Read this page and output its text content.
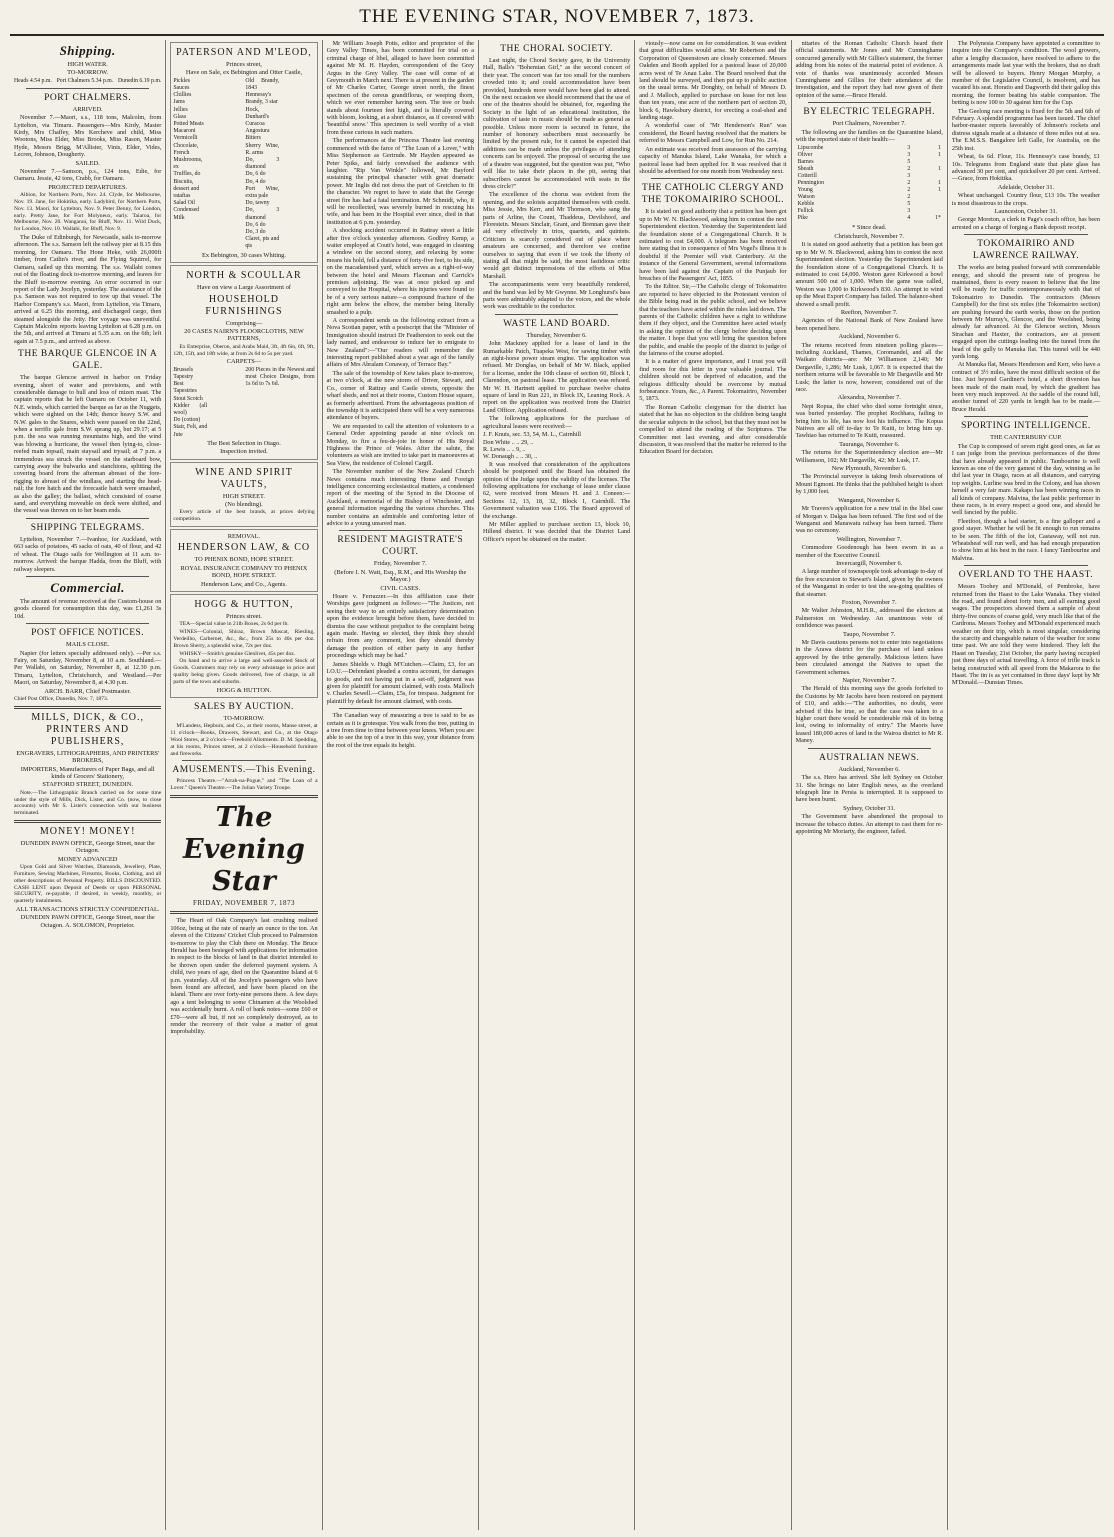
THE EVENING STAR, NOVEMBER 7, 1873.
Shipping.
HIGH WATER.
TO-MORROW.
Heads 4.54 p.m. Port Chalmers 5.34 p.m. Dunedin 6.19 p.m.
PORT CHALMERS.
ARRIVED.

November 7.—Maori, s.s., 118 tons, Malcolm, from Lyttelton, via Timaru. Passengers—Mrs Kirdy, Master Kirdy, Mrs Chaffey, Mrs Kercheve and child, Miss Wootons, Miss Elder, Miss Brooks, Miss Rason, Master Hyde, Messrs Brigg, M'Allister, Vinis, Elder, Vides, Lecren, Johnson, Dougherty.

SAILED.

November 7.—Samson, p.s., 124 tons, Edie, for Oamaru. Jessie, 42 tons, Crabb, for Oamaru.

PROJECTED DEPARTURES.

Albion, for Northern Ports, Nov. 24. Clyde, for Melbourne, Nov. 19. Jane, for Hokitika, early. Ladybird, for Northern Ports, Nov. 13. Maori, for Lyttelton, Nov. 9. Peter Denny, for London, early. Pretty Jane, for Fort Molyneux, early. Taiaroa, for Melbourne, Nov. 20. Wanganui, for Bluff, Nov. 11. Wild Duck, for London, Nov. 10. Wallabi, for Bluff, Nov. 9.

The Duke of Edinburgh, for Newcastle, sails to-morrow afternoon. The s.s. Samson left the railway pier at 8.15 this morning, for Oamaru. The Hone Heke, with 26,000ft timber, from Catlin's river, and the Flying Squirrel, for Oamaru, sailed up this morning. The s.s. Wallabi comes out of the floating dock to-morrow morning, and leaves for the Bluff to-morrow evening. An error occurred in our report of the Lady Jocelyn, yesterday. The assistance of the p.s. Samson was not required to tow up that vessel. The Harbor Company's s.s. Maori, from Lyttelton, via Timaru, arrived at 6.25 this morning, and discharged cargo, then steamed alongside the Jetty. Her voyage was uneventful. Captain Malcolm reports leaving Lyttelton at 6.28 p.m. on the 5th, and arrived at Timaru at 5.35 a.m. on the 6th; left again at 7.5 p.m., and arrived as above.

THE BARQUE GLENCOE IN A GALE.

The barque Glencoe arrived in harbor on Friday evening, short of water and provisions, and with considerable damage to hull and loss of mizen mast. The captain reports that he left Oamaru on October 11, with N.E. winds, which carried the barque as far as the Nuggets, which were sighted on the 14th; thence heavy S.W. and N.W. gales to the Snares, which were passed on the 22nd, when a terrific gale from S.W. sprang up, but 29.17; at 5 p.m. the sea was running mountains high, and the wind was blowing a hurricane, the vessel then lying-to, close-reefed main topsail, main staysail and trysail; at 7 p.m. a tremendous sea struck the vessel on the starboard bow, carrying away the bulwarks and stanchions, splitting the covering board from the afterman abreast of the fore-rigging to abreast of the windlass, and starting the head-rail; the fore hatch and the forecastle hatch were smashed, as also the galley; the ballast, which consisted of coarse sand, and everything moveable on deck were shifted, and the vessel was thrown on to her beam ends.

SHIPPING TELEGRAMS.

Lyttelton, November 7.—Ivanhoe, for Auckland, with 663 sacks of potatoes, 45 sacks of oats, 40 of flour, and 42 of wheat. The Otago sails for Wellington at 11 a.m. to-morrow. Arrived: the barque Hadda, from the Bluff, with railway sleepers.

Commercial.

The amount of revenue received at the Custom-house on goods cleared for consumption this day, was £1,261 3s 10d.

POST OFFICE NOTICES.
MAILS CLOSE.

Napier (for letters specially addressed only). —Per s.s. Fairy, on Saturday, November 8, at 10 a.m. Southland.—Per Wallabi, on Saturday, November 8, at 12.30 p.m. Timaru, Lyttelton, Christchurch, and Westland.—Per Maori, on Saturday, November 8, at 4.30 p.m.

ARCH. BARR, Chief Postmaster.

Chief Post Office, Dunedin, Nov. 7, 1873.

MILLS, DICK, & CO., PRINTERS AND PUBLISHERS,
ENGRAVERS, LITHOGRAPHERS, AND PRINTERS' BROKERS,
IMPORTERS, Manufacturers of Paper Bags, and all kinds of Grocers' Stationery,
STAFFORD STREET, DUNEDIN.

Note.—The Lithographic Branch carried on for some time under the style of Mills, Dick, Lister, and Co. (now, to close accounts) with Mr S. Lister's connection with our business terminated.

MONEY! MONEY!
DUNEDIN PAWN OFFICE, George Street, near the Octagon.
MONEY ADVANCED

Upon Gold and Silver Watches, Diamonds, Jewellery, Plate, Furniture, Sewing Machines, Firearms, Books, Clothing, and all other descriptions of Personal Property. BILLS DISCOUNTED. CASH LENT upon Deposit of Deeds or upon PERSONAL SECURITY, re-payable, if desired, in weekly, monthly, or quarterly instalments.

ALL TRANSACTIONS STRICTLY CONFIDENTIAL.
DUNEDIN PAWN OFFICE, George Street, near the Octagon. A. SOLOMON, Proprietor.
PATERSON AND M'LEOD,
Princes street,
Have on Sale, ex Bebington and Otter Castle,
Pickles
Sauces
Chillies
Jams
Jellies
Glass
Potted Meats
Macaroni
Vermicelli
Chocolate, French
Mushrooms, ex
Truffles, do
Biscuits, dessert and
ratafias
Salad Oil
Condensed Milk
Old Brandy, 1843
Hennessy's Brandy, 3 star
Hock, Dunhard's
Curacoa
Angostura Bitters
Sherry Wine, R. arms
Do, 3 diamond
Do, 6 do
Do, 4 do
Port Wine, extra pale
Do, tawny
Do, 3 diamond
Do, 6 do
Do, 3 do
Claret, pts and qts
Ex Bebington, 30 cases Whiting.
NORTH & SCOULLAR
Have on view a Large Assortment of
HOUSEHOLD FURNISHINGS
Comprising—
20 CASES NAIRN'S FLOORCLOTHS, NEW PATTERNS,

Ex Enterprise, Oberon, and Arabs Maid, 3ft, 4ft 6in, 6ft, 9ft, 12ft, 15ft, and 18ft wide, at from 2s 6d to 5s per yard.

CARPETS—
Brussels
Tapestry
Best Tapestries
Stout Scotch
Kidder (all wool)
Do (cotton)
Stair, Felt, and Jute
200 Pieces in the Newest and most Choice Designs, from 1s 6d to 7s 6d.
The Best Selection in Otago.
Inspection invited.
WINE AND SPIRIT VAULTS,
HIGH STREET.
(No blending).

Every article of the best brands, at prices defying competition.

REMOVAL.
HENDERSON LAW, & CO
TO PHENIX BOND, HOPE STREET.
ROYAL INSURANCE COMPANY TO PHENIX BOND, HOPE STREET.
Henderson Law, and Co., Agents.
HOGG & HUTTON,
Princes street.

TEA—Special value in 21lb Boxes, 2s 6d per lb.

WINES—Colonial, Shiraz, Brown Muscat, Riesling, Verdeilho, Carbernet, &c., &c., from 25s to 40s per doz. Brown Sherry, a splendid wine, 72s per doz.

WHISKY—Smith's genuine Glenlivet, 45s per doz.

On hand and to arrive a large and well-assorted Stock of Goods. Customers may rely on every advantage in price and quality being given. Goods delivered, free of charge, in all parts of the town and suburbs.

HOGG & HUTTON.
SALES BY AUCTION.
TO-MORROW.

M'Landess, Hepburn, and Co., at their rooms, Manse street, at 11 o'clock—Books, Drawers, Stewart, and Co., at the Otago Wool Stores, at 2 o'clock—Freehold Allotments. D. M. Spedding, at his rooms, Princes street, at 2 o'clock—Household furniture and fireworks.

AMUSEMENTS.—This Evening.

Princess Theatre.—"Arrah-na-Pogue," and "The Loan of a Lover." Queen's Theatre.—The Julian Variety Troupe.

The Evening Star
FRIDAY, NOVEMBER 7, 1873

The Heart of Oak Company's last crushing realised 106oz, being at the rate of nearly an ounce to the ton. An eleven of the Citizens' Cricket Club proceed to Palmerston to-morrow to play the Club there on Monday. The Bruce Herald has been besieged with applications for information in respect to the blocks of land in that district intended to be thrown open under the deferred payment system. A child, two years of age, died on the Quarantine Island at 6 p.m. yesterday. All of the Jocelyn's passengers who have been found are affected, and have been placed on the island. There are over forty-nine persons there. A few days ago a tent belonging to some Chinamen at the Woolshed was accidentally burnt. A roll of bank notes—some £60 or £70—were all but, if not so completely destroyed, as to render the recovery of their value a matter of great improbability.

Mr William Joseph Potts, editor and proprietor of the Grey Valley Times, has been committed for trial on a criminal charge of libel, alleged to have been committed against Mr M. H. Hayden, correspondent of the Grey Argus in the Grey Valley. The case will come of at Greymouth in March next. There is at present in the garden of Mr Charles Carter, George street north, the finest specimen of the cereus grandiflorus, or weeping thorn, which we ever remember having seen. The tree or bush stands about fourteen feet high, and is literally covered with bloom, looking, at a short distance, as if covered with 'beautiful snow.' This specimen is well worthy of a visit from those curious in such matters.

The performances at the Princess Theatre last evening commenced with the farce of "The Loan of a Lover," with Miss Stephenson as Gertrude. Mr Hayden appeared as Peter Spiks, and fairly convulsed the audience with laughter. "Rip Van Winkle" followed, Mr Bayford sustaining the principal character with great dramatic power. Mr Inglis did not dress the part of Gretchen to fit the character. We regret to have to state that the George street fire has had a fatal termination. Mr Schmidt, who, it will be recollected, was severely burned in rescuing his wife, and has been in the Hospital ever since, died in that institution at 6 p.m. yesterday.

A shocking accident occurred in Rattray street a little after five o'clock yesterday afternoon. Godfrey Kemp, a waiter employed at Coutt's hotel, was engaged in cleaning a window on the second storey, and relaxing by some means his hold, fell a distance of forty-five feet, to his side, on the macadamised yard, which serves as a right-of-way between the hotel and Messrs Flaxman and Carrick's premises adjoining. He was at once picked up and conveyed to the Hospital, where his injuries were found to be of a very serious nature—a compound fracture of the right arm below the elbow, the member being literally smashed to a pulp.

A correspondent sends us the following extract from a Nova Scotian paper, with a postscript that the "Minister of Immigration should instruct Dr Featherston to seek out the lady named, and endeavour to induce her to emigrate to New Zealand":—"Our readers will remember the interesting report published about a year ago of the family affairs of Mrs Abralam Conaway, of Terrace Bay."

The sale of the township of Kew takes place to-morrow, at two o'clock, at the new stores of Driver, Stewart, and Co., corner of Rattray and Castle streets, opposite the wharf sheds, and not at their rooms, Custom House square, as formerly advertised. From the advantageous position of the township it is anticipated there will be a very numerous attendance of buyers.

We are requested to call the attention of volunteers to a General Order appointing parade at nine o'clock on Monday, to fire a feu-de-joie in honor of His Royal Highness the Prince of Wales. After the salute, the volunteers as wish are invited to take part in manoeuvres at Sea View, the residence of Colonel Cargill.

The November number of the New Zealand Church News contains much interesting Home and Foreign intelligence concerning ecclesiastical matters, a condensed report of the meeting of the Synod in the Diocese of Auckland, a memorial of the Bishop of Winchester, and general information regarding the various churches. This number contains an admirable and comforting letter of advice to a young unsaved man.

RESIDENT MAGISTRATE'S COURT.
Friday, November 7.
(Before I. N. Watt, Esq., R.M., and His Worship the Mayor.)
CIVIL CASES.

Hoare v. Ferrazzer.—In this affiliation case their Worships gave judgment as follows:—"The Justices, not seeing their way to an entirely satisfactory determination upon the evidence brought before them, have decided to dismiss the case without prejudice to the complaint being again made. Having so elected, they think they should refrain from any comment, lest they should thereby damage the position of either party in any further proceedings which may be had."

James Shields v. Hugh M'Cutchen.—Claim, £3, for an I.O.U.—Defendant pleaded a contra account, for damages to goods, and not having put in a set-off, judgment was given for plaintiff for amount claimed, with costs. Malloch v. Charles Sewell.—Claim, £5s, for trespass. Judgment for plaintiff by default for amount claimed, with costs.

The Canadian way of measuring a tree is said to be as certain as it is grotesque. You walk from the tree, putting in a tree from time to time between your knees. When you are able to see the top of a tree in this way, your distance from the root of the tree equals its height.

THE CHORAL SOCIETY.

Last night, the Choral Society gave, in the University Hall, Balls's "Bohemian Girl," as the second concert of their year. The concert was far too small for the numbers crowded into it; and could accommodation have been provided, hundreds more would have been glad to attend. On the next occasion we should recommend that the use of one of the theatres should be obtained, for, regarding the Society in the light of an educational institution, the cultivation of taste in music should be made as general as possible. Unless more room is secured in future, the number of honorary subscribers must necessarily be limited by the present rule, for it cannot be expected that additions can be made unless the privileges of attending concerts can be enjoyed. The proposal of securing the use of a theatre was suggested, but the question was put, "Who will like to take their places in the pit, seeing that subscribers cannot be accommodated with seats in the dress circle?"

The excellence of the chorus was evident from the opening, and the soloists acquitted themselves with credit. Miss Jessie, Mrs Kerr, and Mr Thomson, who sang the parts of Arline, the Count, Thaddeus, Devilshoof, and Florestein. Messrs Sinclair, Grant, and Brennan gave their aid very effectively in trios, quartets, and quintets. Criticism is scarcely considered out of place where amateurs are concerned, and therefore we confine ourselves to saying that even if we took the liberty of stating all that might be said, the most fastidious critic would get distinct impressions of the efforts of Miss Marshall.

The accompaniments were very beautifully rendered, and the band was led by Mr Gwynne. Mr Longhurst's bass parts were admirably adapted to the voices, and the whole work was creditable to the conductor.

WASTE LAND BOARD.
Thursday, November 6.

John Mackney applied for a lease of land in the Rumarkable Patch, Tuapeka West, for sawing timber with an eight-horse power steam engine. The application was refused. Mr Donglas, on behalf of Mr W. Black, applied for a license, under the 10th clause of section 60, Block I, Clarendon, on pastoral lease. The application was refused. Mr W. H. Hartnett applied to purchase twelve chains square of land in Run 221, in Block IX, Leaning Rock. A report on the application was received from the District Land Officer. Application refused.

The following applications for the purchase of agricultural leases were received:—

J. F. Knuts, sec. 53, 54, M. L., Cairnhill
Don White .. .. 29, ..
R. Lewis .. .. 9, ..
W. Donaugh .. .. 30, ..

It was resolved that consideration of the applications should be postponed until the Board has obtained the opinion of the Judge upon the validity of the licenses. The following applications for exchange of lease under clause 62, were received from Messrs H. and J. Coneen:—Sections 12, 13, 18, 32, Block I, Cairnhill. The Government valuation was £166. The Board approved of the exchange.

Mr Miller applied to purchase section 13, block 10, Hillend district. It was decided that the District Land Officer's report be obtained on the matter.

viously—now came on for consideration. It was evident that great difficulties would arise. Mr Robertson and the Corporation of Queenstown are closely concerned. Messrs Oakden and Booth applied for a pastoral lease of 20,000 acres west of Te Anau Lake. The Board resolved that the land should be surveyed, and then put up to public auction on the usual terms. Mr Donghty, on behalf of Messrs D. and J. Malloch, applied to purchase on lease for not less than ten years, one acre of the northern part of section 20, block 6, Hawksbury district, for erecting a coal-shed and landing stage.

A wonderful case of "Mr Henderson's Run" was considered, the Board having resolved that the matters be referred to Messrs Campbell and Low, for Run No. 214.

An estimate was received from assessors of the carrying capacity of Manuka Island, Lake Wanaka, for which a pastoral lease had been applied for. It was resolved that it should be advertised for one month from Wednesday next.

THE CATHOLIC CLERGY AND THE TOKOMAIRIRO SCHOOL.

It is stated on good authority that a petition has been got up to Mr W. N. Blackwood, asking him to contest the next Superintendent election. Yesterday the Superintendent laid the foundation stone of a Congregational Church. It is estimated to cost £4,000. A telegram has been received here stating that in consequence of Mrs Vogel's illness it is doubtful if the Premier will visit Canterbury. At the instance of the General Government, several informations have been laid against the Captain of the Punjaub for breaches of the Passengers' Act, 1855.

To the Editor. Sir,—The Catholic clergy of Tokomairiro are reported to have objected to the Protestant version of the Bible being read in the public school, and we believe that the teachers have acted within the rules laid down. The parents of the Catholic children have a right to withdraw them if they object, and the Committee have acted wisely in asking the opinion of the clergy before deciding upon the matter. I hope that you will bring the question before the public, and enable the people of the district to judge of the fairness of the course adopted.

It is a matter of grave importance, and I trust you will find room for this letter in your valuable journal. The children should not be deprived of education, and the religious difficulty should be overcome by mutual forbearance. Yours, &c., A Parent. Tokomairiro, November 5, 1873.

The Roman Catholic clergyman for the district has stated that he has no objection to the children being taught the secular subjects in the school, but that they must not be compelled to attend the reading of the Scriptures. The Committee met last evening, and after considerable discussion, it was resolved that the matter be referred to the Education Board for decision.

nitaries of the Roman Catholic Church heard their official statements. Mr Jones and Mr Cunninghame concurred generally with Mr Gillies's statement, the former adding from his notes of the material point of evidence. A vote of thanks was unanimously accorded Messrs Cunninghame and Gillies for their attendance at the investigation, and the report they had now given of their opinion of the same.—Bruce Herald.

BY ELECTRIC TELEGRAPH.
Port Chalmers, November 7.

The following are the families on the Quarantine Island, with the reported state of their health:—

Lipscombe	3	1
Oliver	3	1
Barnes	5	
Sheath	2	1
Cotterill	3	
Pennington	2	1
Young	2	1
Watson	2	
Kebble	5	
Fellick	3	
Pike	4	1*
* Since dead.
Christchurch, November 7.

It is stated on good authority that a petition has been got up to Mr W. N. Blackwood, asking him to contest the next Superintendent election. Yesterday the Superintendent laid the foundation stone of a Congregational Church. It is estimated to cost £4,000. Weston gave Kirkwood a bowl amount 500 out of 1,000. When the game was called, Weston was 1,000 to Kirkwood's 830. An attempt to wind up the Meat Export Company has failed. The balance-sheet showed a small profit.

Reefton, November 7.

Agencies of the National Bank of New Zealand have been opened here.

Auckland, November 6.

The returns received from nineteen polling places—including Auckland, Thames, Coromandel, and all the Waikato districts—are: Mr Williamson 2,140; Mr Dargaville, 1,286; Mr Lusk, 1,067. It is expected that the northern returns will be favorable to Mr Dargaville and Mr Lusk; the latter is now, however, considered out of the race.

Alexandra, November 7.

Nepi Ropua, the chief who died some fortnight since, was buried yesterday. The prophet Rochhara, failing to bring him to life, has now lost his influence. The Kopua Natives are all off to-day to Te Kuiti, to bring him up. Tawhiao has returned to Te Kuiti, reassured.

Tauranga, November 6.

The returns for the Superintendency election are—Mr Williamson, 102; Mr Dargaville, 42; Mr Lusk, 17.

New Plymouth, November 6.

The Provincial surveyor is taking fresh observations of Mount Egmont. He thinks that the published height is short by 1,000 feet.

Wanganui, November 6.

Mr Travers's application for a new trial in the libel case of Morgan v. Dalgas has been refused. The first sod of the Wanganui and Manawatu railway has been turned. There was no ceremony.

Wellington, November 7.

Commodore Goodenough has been sworn in as a member of the Executive Council.

Invercargill, November 6.

A large number of townspeople took advantage to-day of the free excursion to Stewart's Island, given by the owners of the Wanganui in order to test the sea-going qualities of that steamer.

Foxton, November 7.

Mr Walter Johnston, M.H.R., addressed the electors at Palmerston on Wednesday. An unanimous vote of confidence was passed.

Taupo, November 7.

Mr Davis cautions persons not to enter into negotiations in the Arawa district for the purchase of land unless approved by the tribe generally. Malicious letters have been circulated amongst the Natives to upset the Government schemes.

Napier, November 7.

The Herald of this morning says the goods forfeited to the Customs by Mr Jacobs have been restored on payment of £10, and adds:—"The authorities, no doubt, were advised if this be true, so that the case was taken to a higher court there would be considerable risk of its being lost, owing to informality of entry." The Maoris have leased 180,000 acres of land in the Wairoa district to Mr R. Maney.

AUSTRALIAN NEWS.
Auckland, November 6.

The s.s. Hero has arrived. She left Sydney on October 31. She brings no later English news, as the overland telegraph line in Persia is interrupted. It is supposed to have been burnt.

Sydney, October 31.

The Government have abandoned the proposal to increase the tobacco duties. An attempt to cast them for re-appointing Mr Moriarty, the engineer, failed.

The Polynesia Company have appointed a committee to inquire into the Company's condition. The wool growers, after a lengthy discussion, have resolved to adhere to the arrangements made last year with the brokers, that no draft will be allowed to buyers. Henry Morgan Murphy, a member of the Legislative Council, is insolvent, and has vacated his seat. Horatio and Dagworth did their gallop this morning, the former beating his stable companion. The betting is now 100 to 30 against him for the Cup.

The Geelong race meeting is fixed for the 5th and 6th of February. A splendid programme has been issued. The chief harbor-master reports favorably of Johnson's rockets and distress signals made at a distance of three miles out at sea. The E.M.S.S. Bangalore left Galle, for Australia, on the 25th inst.

Wheat, 6s 6d. Flour, 11s. Hennessy's case brandy, £1 10s. Telegrams from England state that plate glass has advanced 30 per cent, and quicksilver 20 per cent. Arrived.—Grace, from Hokitika.

Adelaide, October 31.

Wheat unchanged. Country flour, £13 10s. The weather is most disastrous to the crops.

Launceston, October 31.

George Moreton, a clerk in Page's coach office, has been arrested on a charge of forging a Bank deposit receipt.

TOKOMAIRIRO AND LAWRENCE RAILWAY.

The works are being pushed forward with commendable energy, and should the present rate of progress be maintained, there is every reason to believe that the line will be ready for traffic contemporaneously with that of Tokomairiro to Dunedin. The contractors (Messrs Campbell) for the first six miles (the Tokomairiro section) are pushing forward the earth works, those on the portion between Mr Murray's, Glencoe, and the Woolshed, being already far advanced. At the Glencoe section, Messrs Strachan and Haxter, the contractors, are at present engaged upon the cuttings leading into the tunnel from the head of the gully to Manuka flat. This tunnel will be 440 yards long.

At Manuka flat, Messrs Henderson and Kerr, who have a contract of 3½ miles, have the most difficult section of the line. Just beyond Gardiner's hotel, a short diversion has been made of the main road, by which the gradient has been very much improved. At the saddle of the round hill, another tunnel of 220 yards in length has to be made.—Bruce Herald.

SPORTING INTELLIGENCE.
THE CANTERBURY CUP.

The Cup is composed of seven right good ones, as far as I can judge from the previous performances of the three that have already appeared in public. Tambourine is well known as one of the very gamest of the day, winning as he did last year in Otago, races at all distances, and carrying top weights. Lurline was bred in the Colony, and has shown herself a very fair mare. Kakapo has been winning races in all kinds of company. Malvina, the last public performer in these races, is in every respect a good one, and should be well fancied by the public.

Fleetfoot, though a bad starter, is a fine galloper and a good stayer. Whether he will be fit enough to run remains to be seen. The fifth of the lot, Castaway, will not run. Wheatsheaf will run well, and has had enough preparation to show him at his best in the race. I fancy Tambourine and Malvina.

OVERLAND TO THE HAAST.

Messrs Toohey and M'Donald, of Pembroke, have returned from the Haast to the Lake Wanaka. They visited the road, and found about forty men, and all earning good wages. The prospectors showed them a sample of about thirty-five ounces of coarse gold, very much like that of the Cardrona. Messrs Toohey and M'Donald experienced much weather on their trip, which is most singular, considering the scarcity and changeable nature of the weather for some time past. We are told they were hindered. They left the Haast on Tuesday, 21st October, the party having occupied just three days of actual travelling. A force of trifle track is being constructed with all speed from the Makarora to the Haast. The tin is as yet contained in three days' kept by Mr M'Donald.—Dunstan Times.
